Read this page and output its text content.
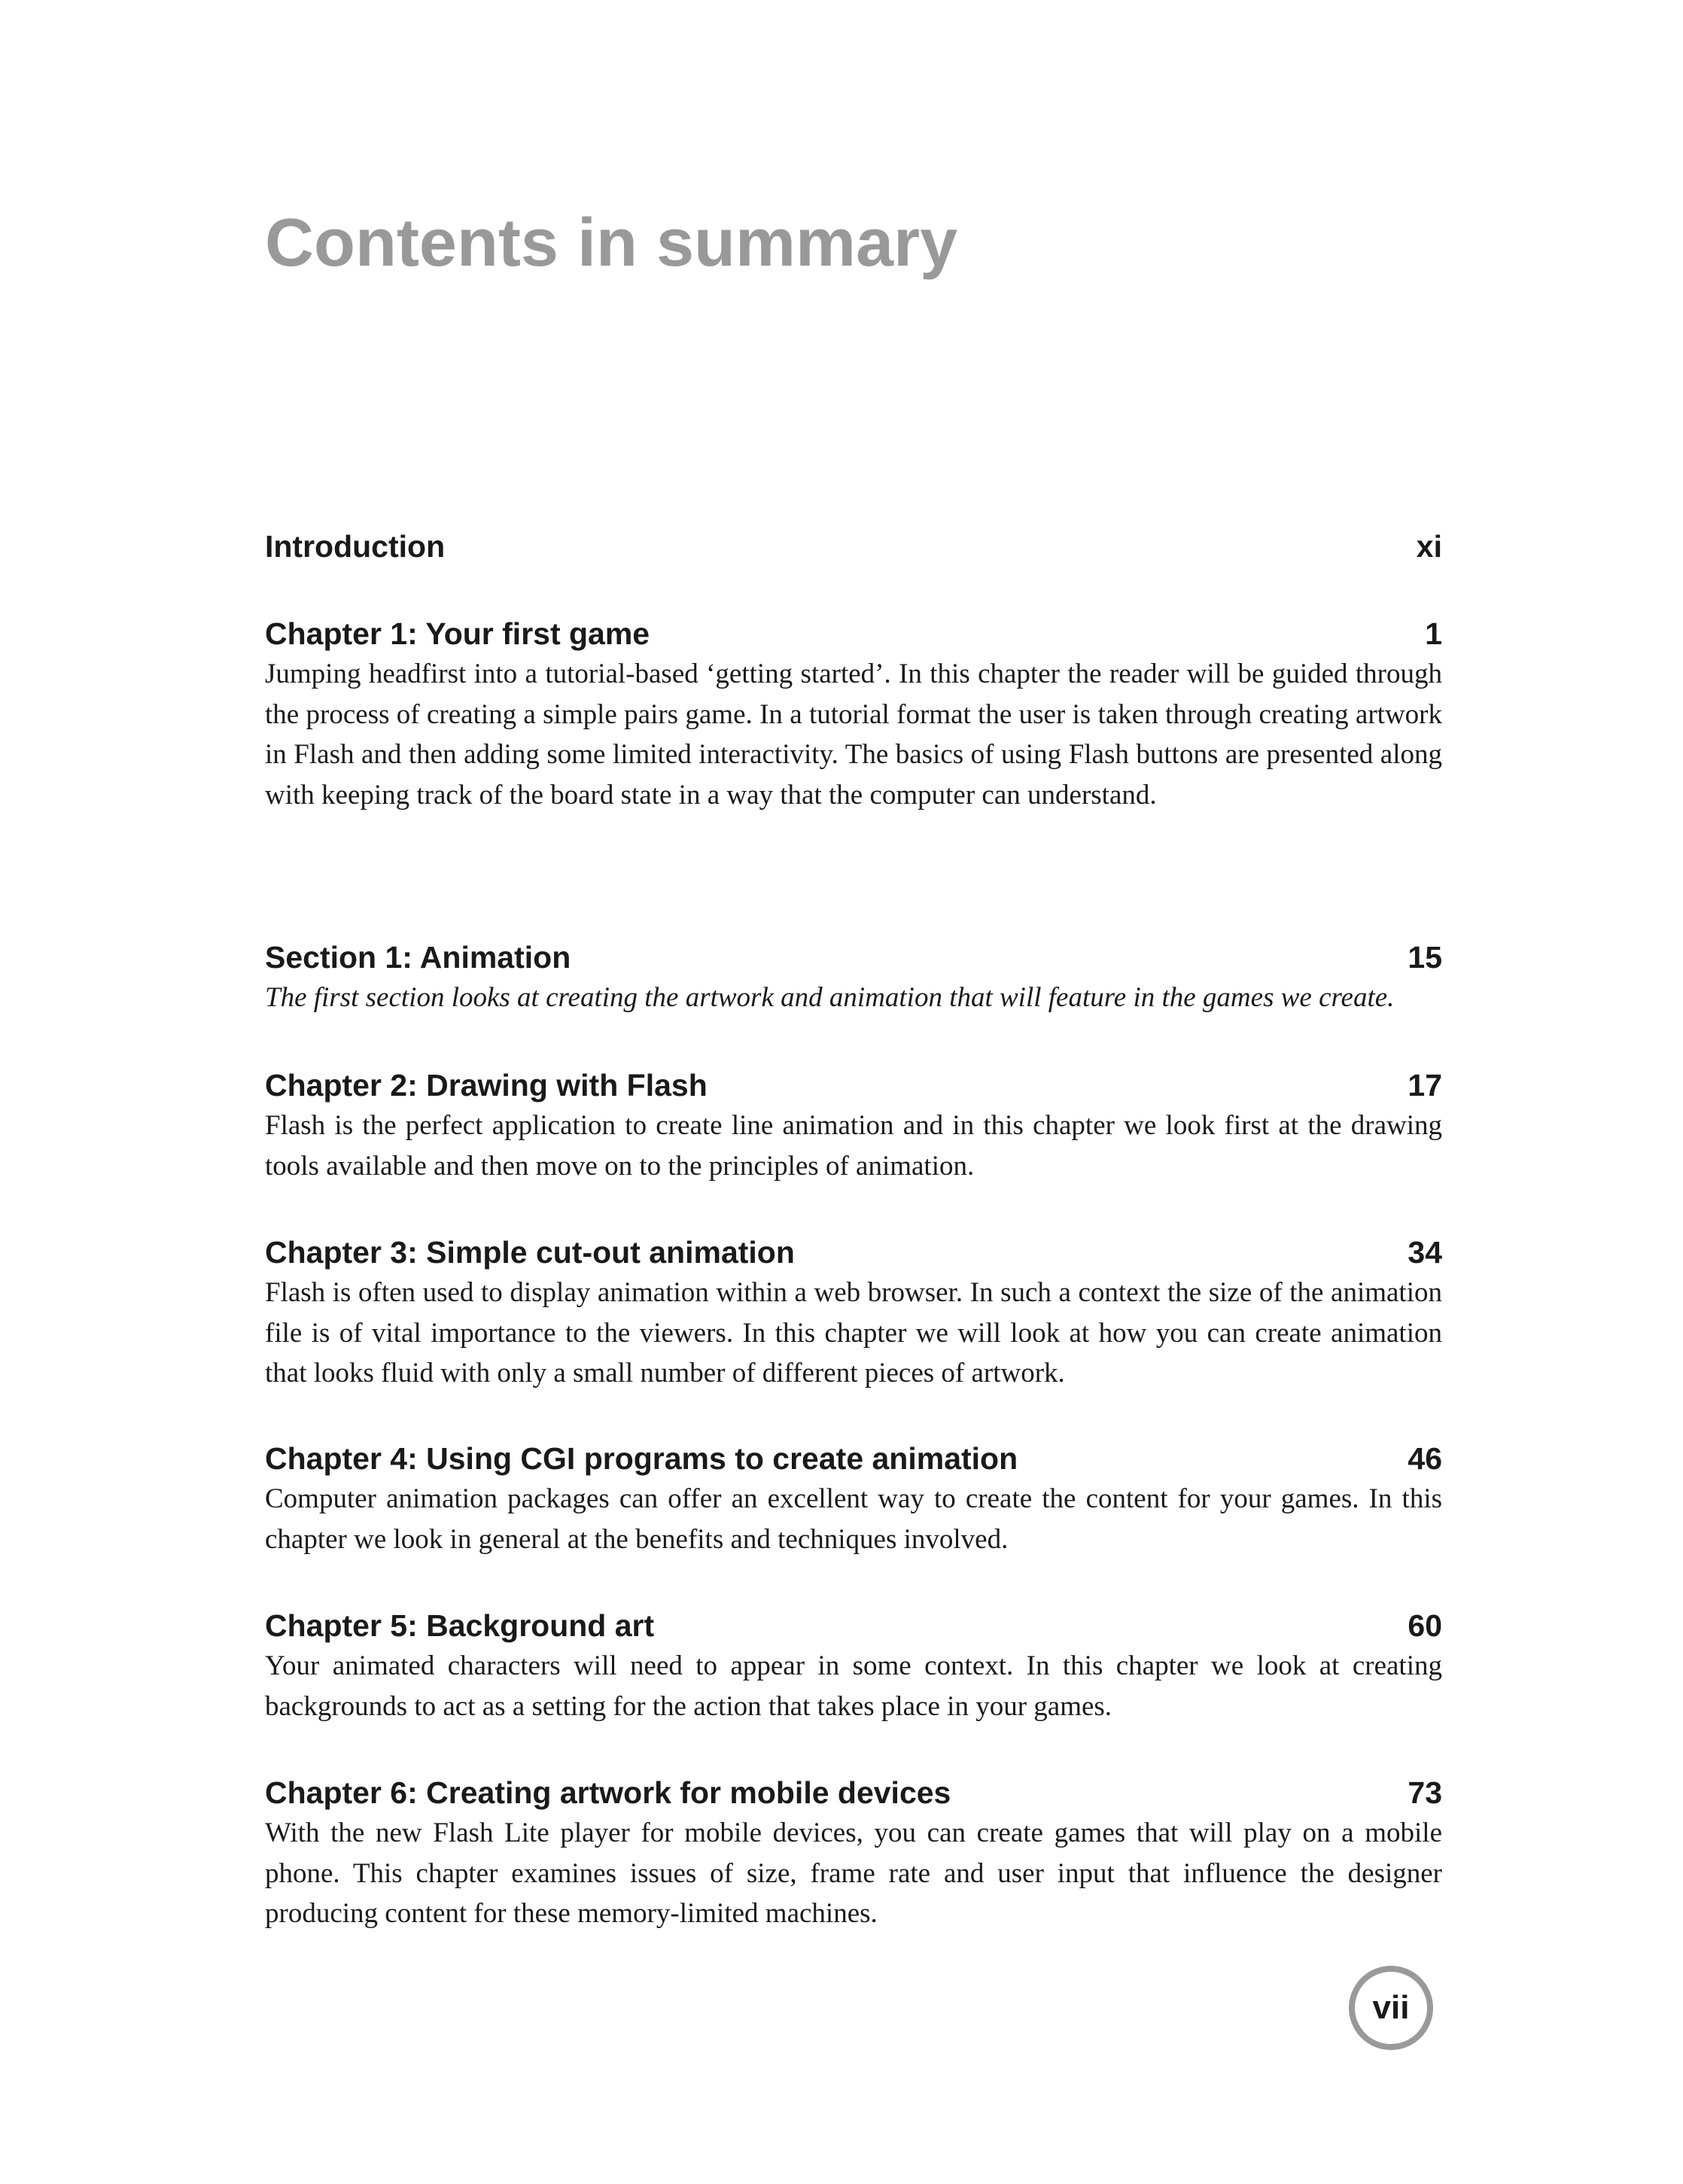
Contents in summary
Introduction	xi
Chapter 1: Your first game	1
Jumping headfirst into a tutorial-based ‘getting started’. In this chapter the reader will be guided through the process of creating a simple pairs game. In a tutorial format the user is taken through creating artwork in Flash and then adding some limited interactivity. The basics of using Flash buttons are presented along with keeping track of the board state in a way that the computer can understand.
Section 1: Animation	15
The first section looks at creating the artwork and animation that will feature in the games we create.
Chapter 2: Drawing with Flash	17
Flash is the perfect application to create line animation and in this chapter we look first at the drawing tools available and then move on to the principles of animation.
Chapter 3: Simple cut-out animation	34
Flash is often used to display animation within a web browser. In such a context the size of the animation file is of vital importance to the viewers. In this chapter we will look at how you can create animation that looks fluid with only a small number of different pieces of artwork.
Chapter 4: Using CGI programs to create animation	46
Computer animation packages can offer an excellent way to create the content for your games. In this chapter we look in general at the benefits and techniques involved.
Chapter 5: Background art	60
Your animated characters will need to appear in some context. In this chapter we look at creating backgrounds to act as a setting for the action that takes place in your games.
Chapter 6: Creating artwork for mobile devices	73
With the new Flash Lite player for mobile devices, you can create games that will play on a mobile phone. This chapter examines issues of size, frame rate and user input that influence the designer producing content for these memory-limited machines.
vii
